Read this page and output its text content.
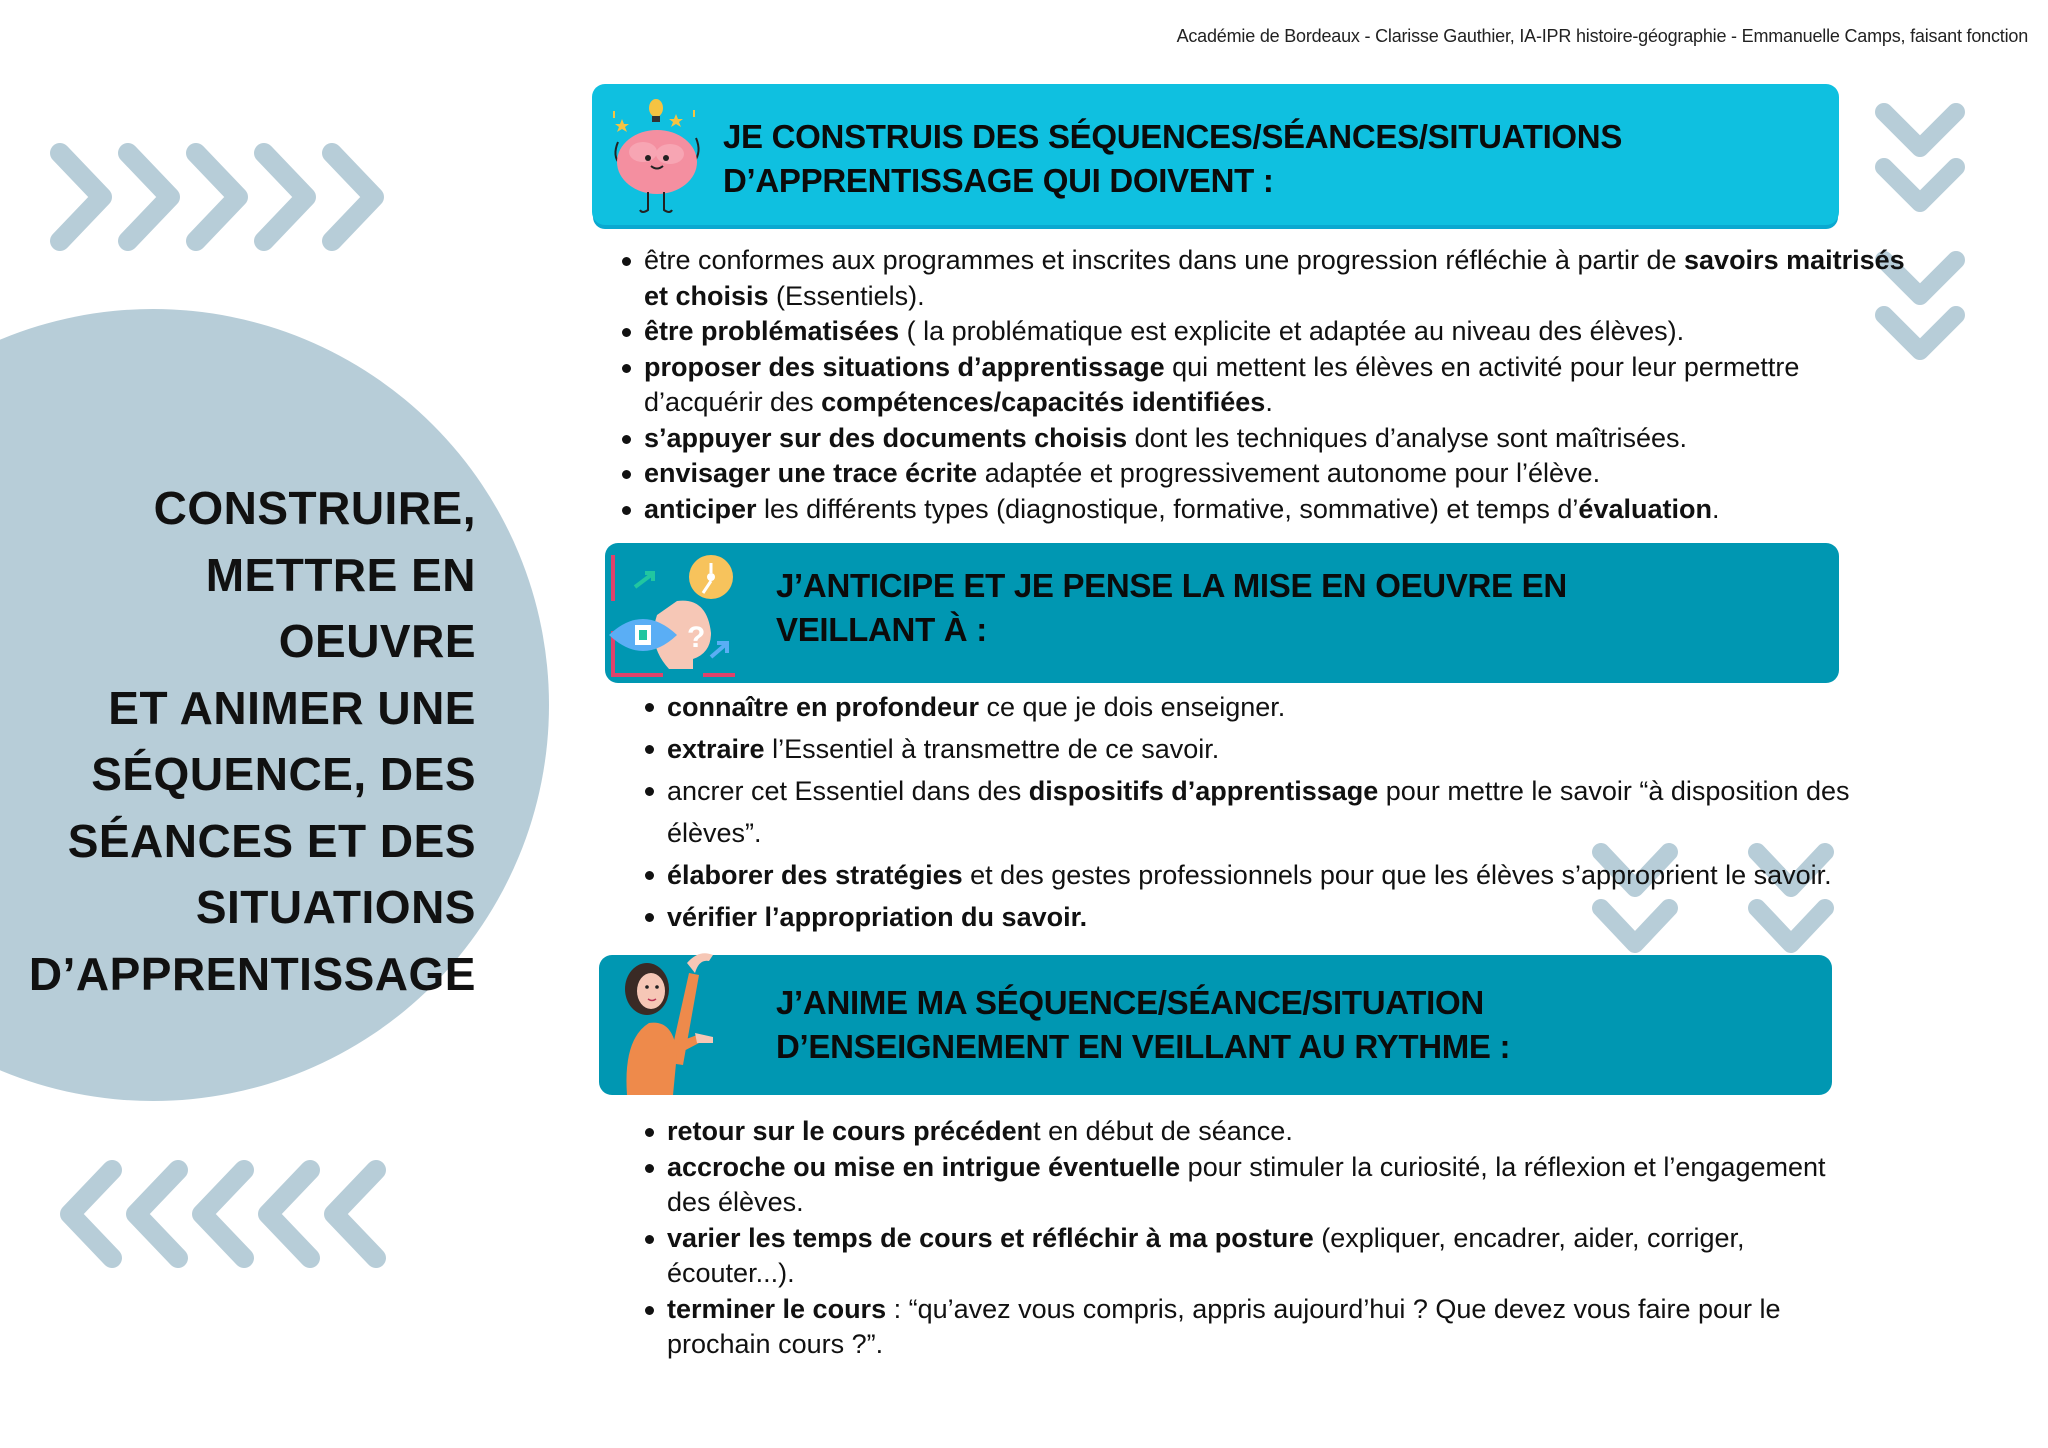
Académie de Bordeaux - Clarisse Gauthier, IA-IPR histoire-géographie - Emmanuelle Camps, faisant fonction
CONSTRUIRE,
METTRE EN OEUVRE
ET ANIMER UNE
SÉQUENCE, DES
SÉANCES ET DES
SITUATIONS
D’APPRENTISSAGE
JE CONSTRUIS DES SÉQUENCES/SÉANCES/SITUATIONS
D’APPRENTISSAGE QUI DOIVENT :
être conformes aux programmes et inscrites dans une progression réfléchie à partir de savoirs maitrisés et choisis (Essentiels).
être problématisées ( la problématique est explicite et adaptée au niveau des élèves).
proposer des situations d’apprentissage qui mettent les élèves en activité pour leur permettre d’acquérir des compétences/capacités identifiées.
s’appuyer sur des documents choisis dont les techniques d’analyse sont maîtrisées.
envisager une trace écrite adaptée et progressivement autonome pour l’élève.
anticiper les différents types (diagnostique, formative, sommative) et temps d’évaluation.
?
J’ANTICIPE ET JE PENSE LA MISE EN OEUVRE EN
VEILLANT À :
connaître en profondeur ce que je dois enseigner.
extraire l’Essentiel à transmettre de ce savoir.
ancrer cet Essentiel dans des dispositifs d’apprentissage pour mettre le savoir “à disposition des élèves”.
élaborer des stratégies et des gestes professionnels pour que les élèves s’approprient le savoir.
vérifier l’appropriation du savoir.
J’ANIME MA SÉQUENCE/SÉANCE/SITUATION
D’ENSEIGNEMENT EN VEILLANT AU RYTHME :
retour sur le cours précédent en début de séance.
accroche ou mise en intrigue éventuelle pour stimuler la curiosité, la réflexion et l’engagement des élèves.
varier les temps de cours et réfléchir à ma posture (expliquer, encadrer, aider, corriger, écouter...).
terminer le cours : “qu’avez vous compris, appris aujourd’hui ? Que devez vous faire pour le prochain cours ?”.
